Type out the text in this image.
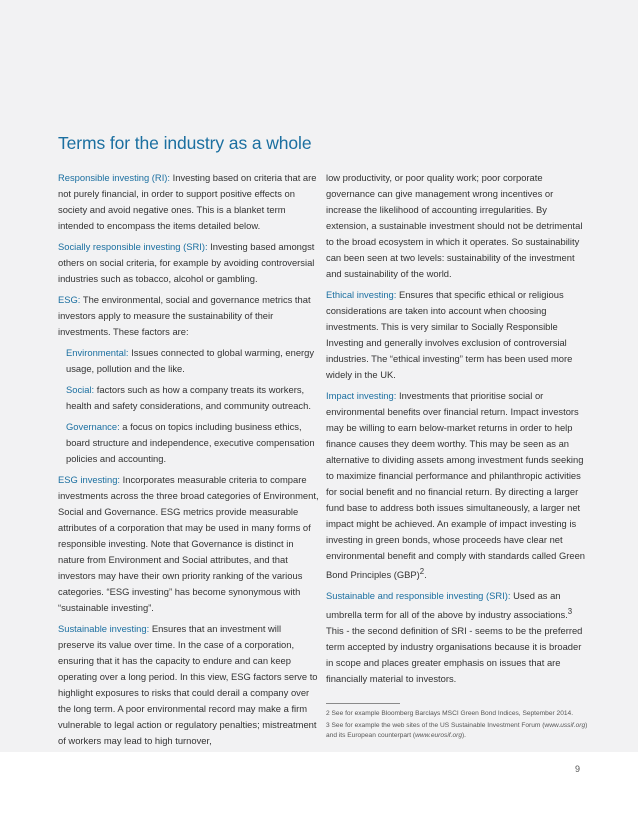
Terms for the industry as a whole

Responsible investing (RI): Investing based on criteria that are not purely financial, in order to support positive effects on society and avoid negative ones. This is a blanket term intended to encompass the items detailed below.

Socially responsible investing (SRI): Investing based amongst others on social criteria, for example by avoiding controversial industries such as tobacco, alcohol or gambling.

ESG: The environmental, social and governance metrics that investors apply to measure the sustainability of their investments. These factors are:

Environmental: Issues connected to global warming, energy usage, pollution and the like.

Social: factors such as how a company treats its workers, health and safety considerations, and community outreach.

Governance: a focus on topics including business ethics, board structure and independence, executive compensation policies and accounting.

ESG investing: Incorporates measurable criteria to compare investments across the three broad categories of Environment, Social and Governance. ESG metrics provide measurable attributes of a corporation that may be used in many forms of responsible investing. Note that Governance is distinct in nature from Environment and Social attributes, and that investors may have their own priority ranking of the various categories. “ESG investing” has become synonymous with “sustainable investing”.

Sustainable investing: Ensures that an investment will preserve its value over time. In the case of a corporation, ensuring that it has the capacity to endure and can keep operating over a long period. In this view, ESG factors serve to highlight exposures to risks that could derail a company over the long term. A poor environmental record may make a firm vulnerable to legal action or regulatory penalties; mistreatment of workers may lead to high turnover,

low productivity, or poor quality work; poor corporate governance can give management wrong incentives or increase the likelihood of accounting irregularities. By extension, a sustainable investment should not be detrimental to the broad ecosystem in which it operates. So sustainability can been seen at two levels: sustainability of the investment and sustainability of the world.

Ethical investing: Ensures that specific ethical or religious considerations are taken into account when choosing investments. This is very similar to Socially Responsible Investing and generally involves exclusion of controversial industries. The “ethical investing” term has been used more widely in the UK.

Impact investing: Investments that prioritise social or environmental benefits over financial return. Impact investors may be willing to earn below-market returns in order to help finance causes they deem worthy. This may be seen as an alternative to dividing assets among investment funds seeking to maximize financial performance and philanthropic activities for social benefit and no financial return. By directing a larger fund base to address both issues simultaneously, a larger net impact might be achieved. An example of impact investing is investing in green bonds, whose proceeds have clear net environmental benefit and comply with standards called Green Bond Principles (GBP)$^2$.

Sustainable and responsible investing (SRI): Used as an umbrella term for all of the above by industry associations.$^3$ This - the second definition of SRI - seems to be the preferred term accepted by industry organisations because it is broader in scope and places greater emphasis on issues that are financially material to investors.

2 See for example Bloomberg Barclays MSCI Green Bond Indices, September 2014.

3 See for example the web sites of the US Sustainable Investment Forum (www.ussif.org) and its European counterpart (www.eurosif.org).

9
